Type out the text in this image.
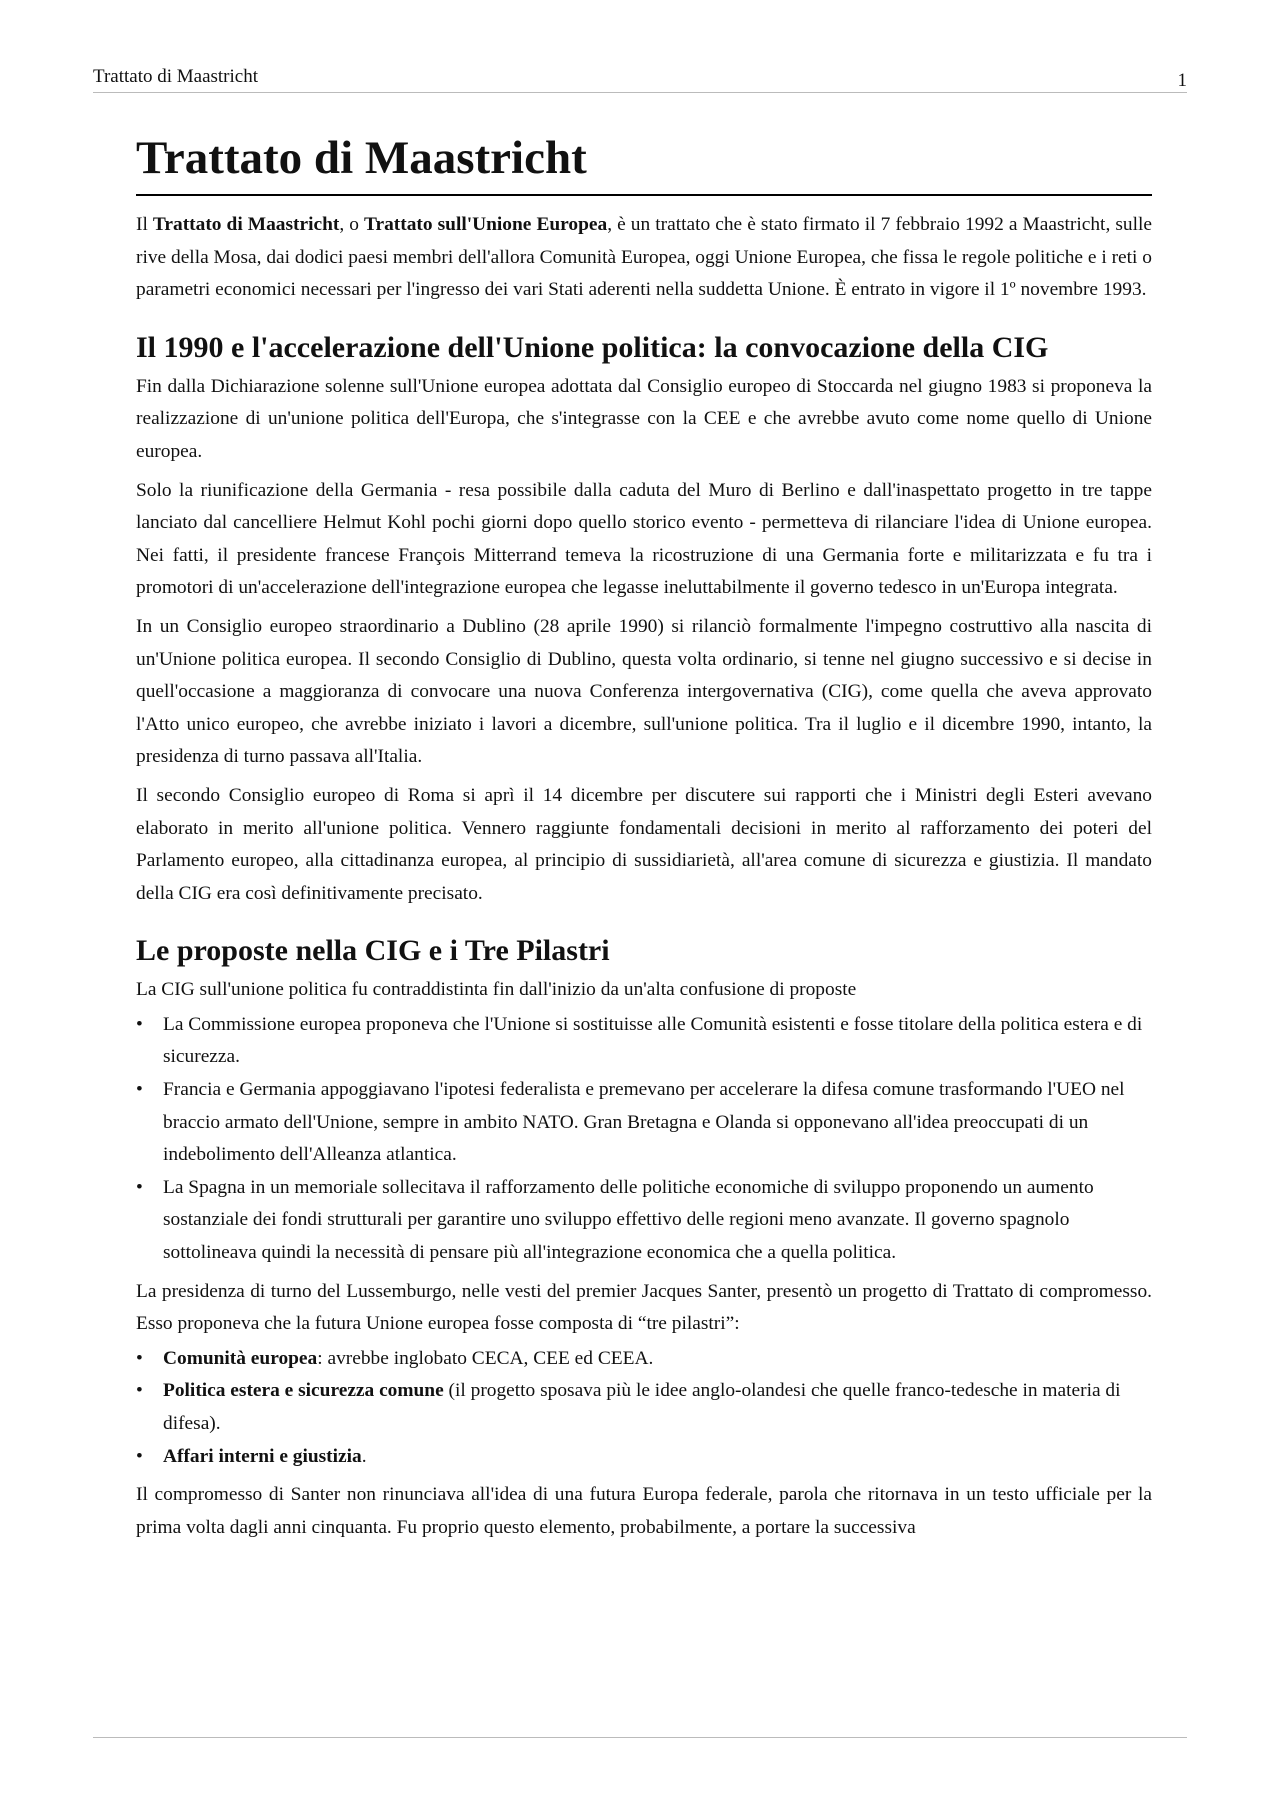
Trattato di Maastricht	1
Trattato di Maastricht

Il Trattato di Maastricht, o Trattato sull'Unione Europea, è un trattato che è stato firmato il 7 febbraio 1992 a Maastricht, sulle rive della Mosa, dai dodici paesi membri dell'allora Comunità Europea, oggi Unione Europea, che fissa le regole politiche e i reti o parametri economici necessari per l'ingresso dei vari Stati aderenti nella suddetta Unione. È entrato in vigore il 1º novembre 1993.

Il 1990 e l'accelerazione dell'Unione politica: la convocazione della CIG

Fin dalla Dichiarazione solenne sull'Unione europea adottata dal Consiglio europeo di Stoccarda nel giugno 1983 si proponeva la realizzazione di un'unione politica dell'Europa, che s'integrasse con la CEE e che avrebbe avuto come nome quello di Unione europea.

Solo la riunificazione della Germania - resa possibile dalla caduta del Muro di Berlino e dall'inaspettato progetto in tre tappe lanciato dal cancelliere Helmut Kohl pochi giorni dopo quello storico evento - permetteva di rilanciare l'idea di Unione europea. Nei fatti, il presidente francese François Mitterrand temeva la ricostruzione di una Germania forte e militarizzata e fu tra i promotori di un'accelerazione dell'integrazione europea che legasse ineluttabilmente il governo tedesco in un'Europa integrata.

In un Consiglio europeo straordinario a Dublino (28 aprile 1990) si rilanciò formalmente l'impegno costruttivo alla nascita di un'Unione politica europea. Il secondo Consiglio di Dublino, questa volta ordinario, si tenne nel giugno successivo e si decise in quell'occasione a maggioranza di convocare una nuova Conferenza intergovernativa (CIG), come quella che aveva approvato l'Atto unico europeo, che avrebbe iniziato i lavori a dicembre, sull'unione politica. Tra il luglio e il dicembre 1990, intanto, la presidenza di turno passava all'Italia.

Il secondo Consiglio europeo di Roma si aprì il 14 dicembre per discutere sui rapporti che i Ministri degli Esteri avevano elaborato in merito all'unione politica. Vennero raggiunte fondamentali decisioni in merito al rafforzamento dei poteri del Parlamento europeo, alla cittadinanza europea, al principio di sussidiarietà, all'area comune di sicurezza e giustizia. Il mandato della CIG era così definitivamente precisato.

Le proposte nella CIG e i Tre Pilastri

La CIG sull'unione politica fu contraddistinta fin dall'inizio da un'alta confusione di proposte

• La Commissione europea proponeva che l'Unione si sostituisse alle Comunità esistenti e fosse titolare della politica estera e di sicurezza.
• Francia e Germania appoggiavano l'ipotesi federalista e premevano per accelerare la difesa comune trasformando l'UEO nel braccio armato dell'Unione, sempre in ambito NATO. Gran Bretagna e Olanda si opponevano all'idea preoccupati di un indebolimento dell'Alleanza atlantica.
• La Spagna in un memoriale sollecitava il rafforzamento delle politiche economiche di sviluppo proponendo un aumento sostanziale dei fondi strutturali per garantire uno sviluppo effettivo delle regioni meno avanzate. Il governo spagnolo sottolineava quindi la necessità di pensare più all'integrazione economica che a quella politica.

La presidenza di turno del Lussemburgo, nelle vesti del premier Jacques Santer, presentò un progetto di Trattato di compromesso. Esso proponeva che la futura Unione europea fosse composta di “tre pilastri”:

• Comunità europea: avrebbe inglobato CECA, CEE ed CEEA.
• Politica estera e sicurezza comune (il progetto sposava più le idee anglo-olandesi che quelle franco-tedesche in materia di difesa).
• Affari interni e giustizia.

Il compromesso di Santer non rinunciava all'idea di una futura Europa federale, parola che ritornava in un testo ufficiale per la prima volta dagli anni cinquanta. Fu proprio questo elemento, probabilmente, a portare la successiva
